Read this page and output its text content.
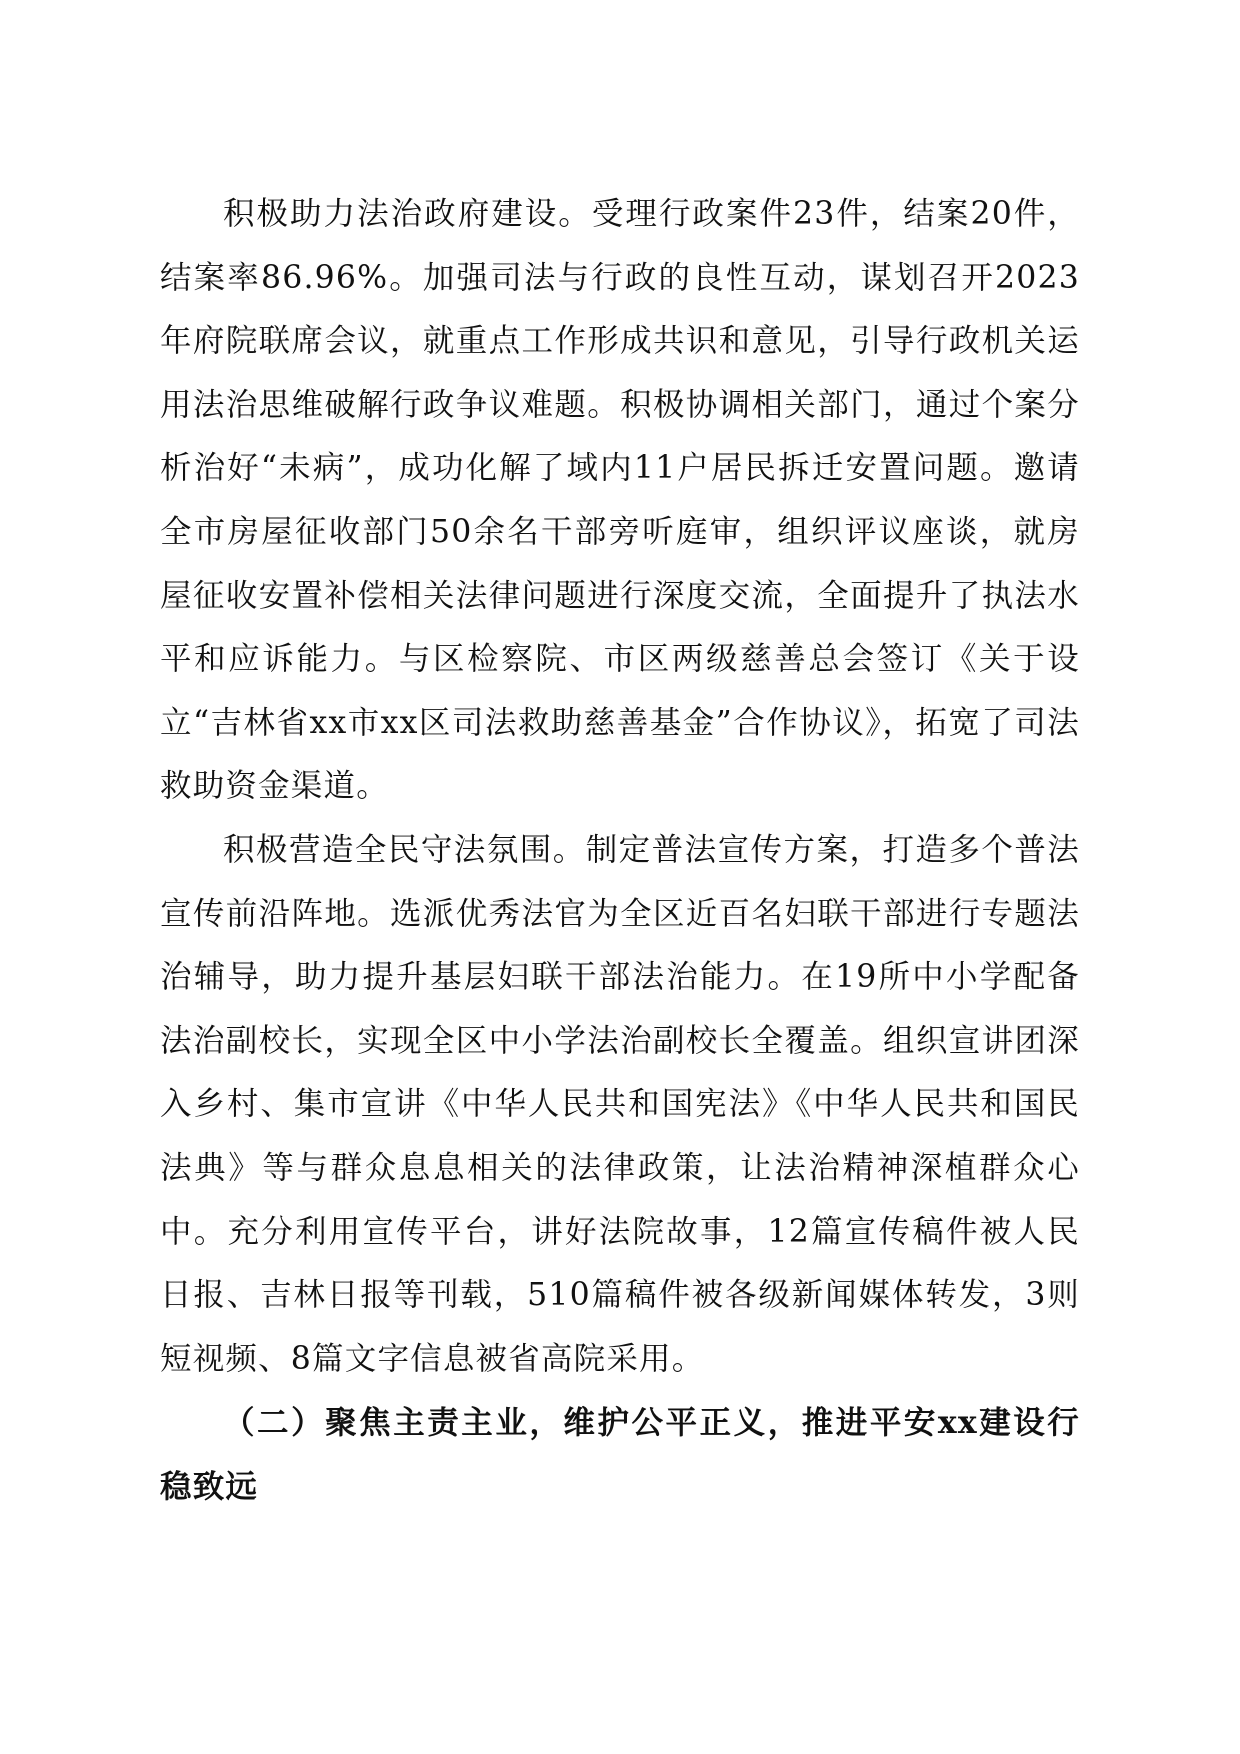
积极助力法治政府建设。受理行政案件23件，结案20件，结案率86.96%。加强司法与行政的良性互动，谋划召开2023年府院联席会议，就重点工作形成共识和意见，引导行政机关运用法治思维破解行政争议难题。积极协调相关部门，通过个案分析治好“未病”，成功化解了域内11户居民拆迁安置问题。邀请全市房屋征收部门50余名干部旁听庭审，组织评议座谈，就房屋征收安置补偿相关法律问题进行深度交流，全面提升了执法水平和应诉能力。与区检察院、市区两级慈善总会签订《关于设立“吉林省xx市xx区司法救助慈善基金”合作协议》，拓宽了司法救助资金渠道。

积极营造全民守法氛围。制定普法宣传方案，打造多个普法宣传前沿阵地。选派优秀法官为全区近百名妇联干部进行专题法治辅导，助力提升基层妇联干部法治能力。在19所中小学配备法治副校长，实现全区中小学法治副校长全覆盖。组织宣讲团深入乡村、集市宣讲《中华人民共和国宪法》《中华人民共和国民法典》等与群众息息相关的法律政策，让法治精神深植群众心中。充分利用宣传平台，讲好法院故事，12篇宣传稿件被人民日报、吉林日报等刊载，510篇稿件被各级新闻媒体转发，3则短视频、8篇文字信息被省高院采用。

（二）聚焦主责主业，维护公平正义，推进平安xx建设行稳致远
